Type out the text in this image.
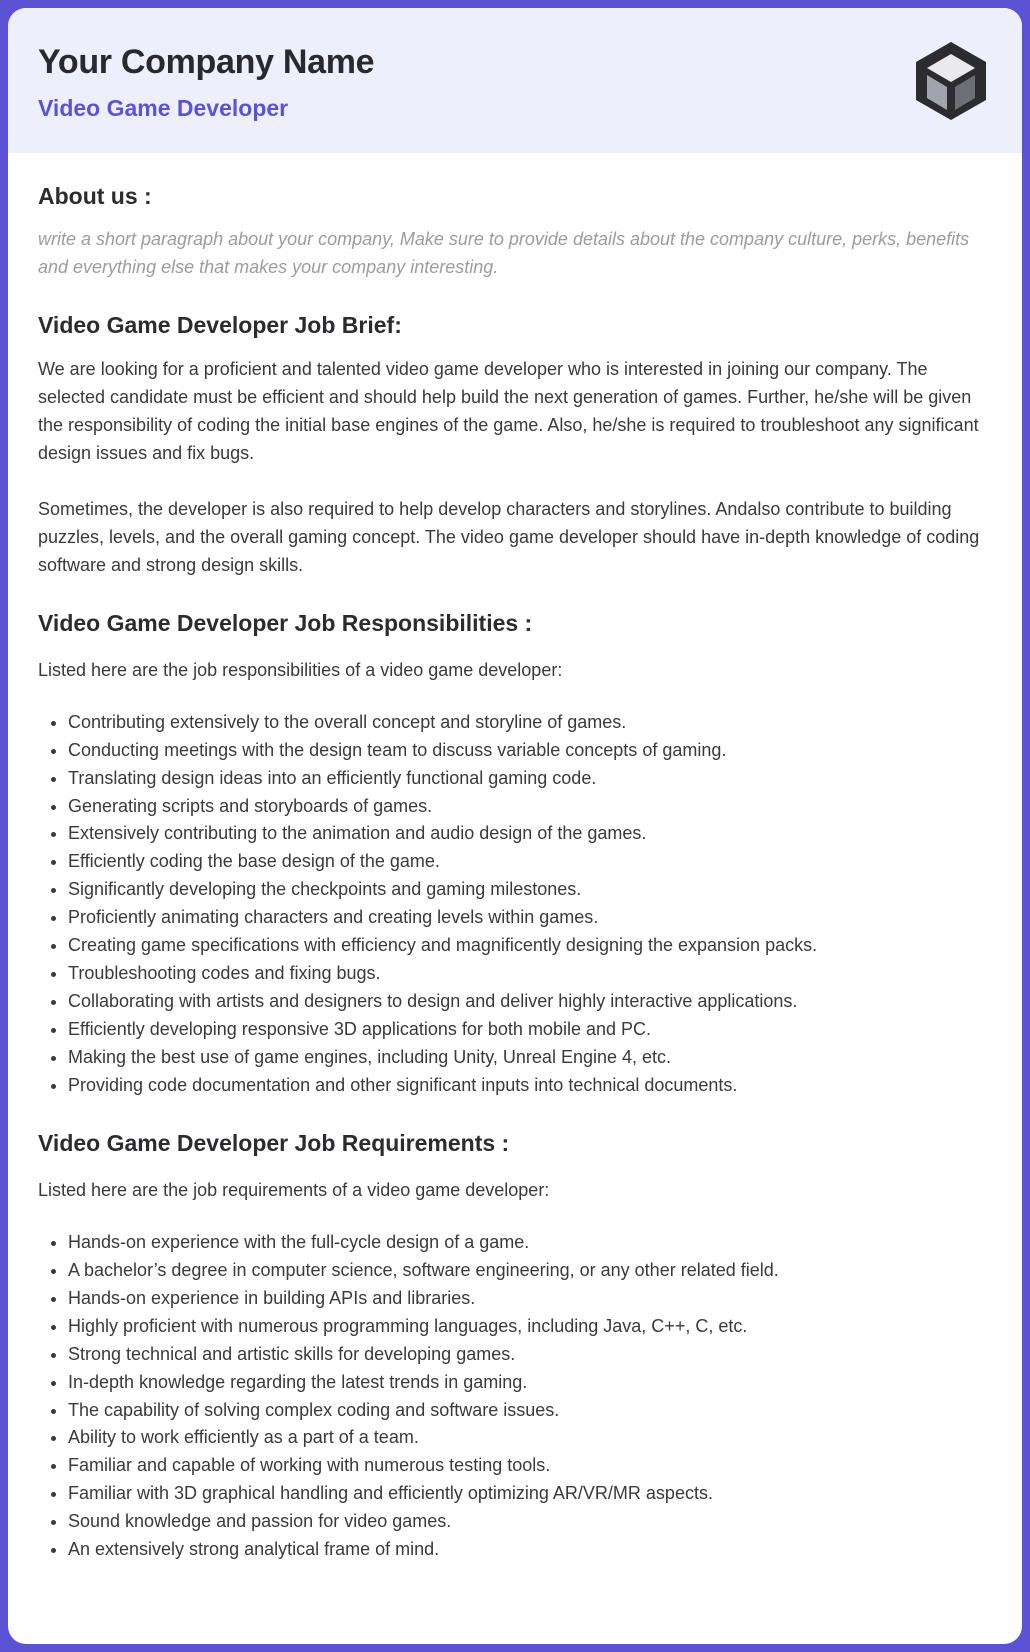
Your Company Name
Video Game Developer
About us :

write a short paragraph about your company, Make sure to provide details about the company culture, perks, benefits and everything else that makes your company interesting.

Video Game Developer Job Brief:

We are looking for a proficient and talented video game developer who is interested in joining our company. The selected candidate must be efficient and should help build the next generation of games. Further, he/she will be given the responsibility of coding the initial base engines of the game. Also, he/she is required to troubleshoot any significant design issues and fix bugs.

Sometimes, the developer is also required to help develop characters and storylines. Andalso contribute to building puzzles, levels, and the overall gaming concept. The video game developer should have in-depth knowledge of coding software and strong design skills.

Video Game Developer Job Responsibilities :

Listed here are the job responsibilities of a video game developer:

Contributing extensively to the overall concept and storyline of games.
Conducting meetings with the design team to discuss variable concepts of gaming.
Translating design ideas into an efficiently functional gaming code.
Generating scripts and storyboards of games.
Extensively contributing to the animation and audio design of the games.
Efficiently coding the base design of the game.
Significantly developing the checkpoints and gaming milestones.
Proficiently animating characters and creating levels within games.
Creating game specifications with efficiency and magnificently designing the expansion packs.
Troubleshooting codes and fixing bugs.
Collaborating with artists and designers to design and deliver highly interactive applications.
Efficiently developing responsive 3D applications for both mobile and PC.
Making the best use of game engines, including Unity, Unreal Engine 4, etc.
Providing code documentation and other significant inputs into technical documents.
Video Game Developer Job Requirements :

Listed here are the job requirements of a video game developer:

Hands-on experience with the full-cycle design of a game.
A bachelor’s degree in computer science, software engineering, or any other related field.
Hands-on experience in building APIs and libraries.
Highly proficient with numerous programming languages, including Java, C++, C, etc.
Strong technical and artistic skills for developing games.
In-depth knowledge regarding the latest trends in gaming.
The capability of solving complex coding and software issues.
Ability to work efficiently as a part of a team.
Familiar and capable of working with numerous testing tools.
Familiar with 3D graphical handling and efficiently optimizing AR/VR/MR aspects.
Sound knowledge and passion for video games.
An extensively strong analytical frame of mind.
